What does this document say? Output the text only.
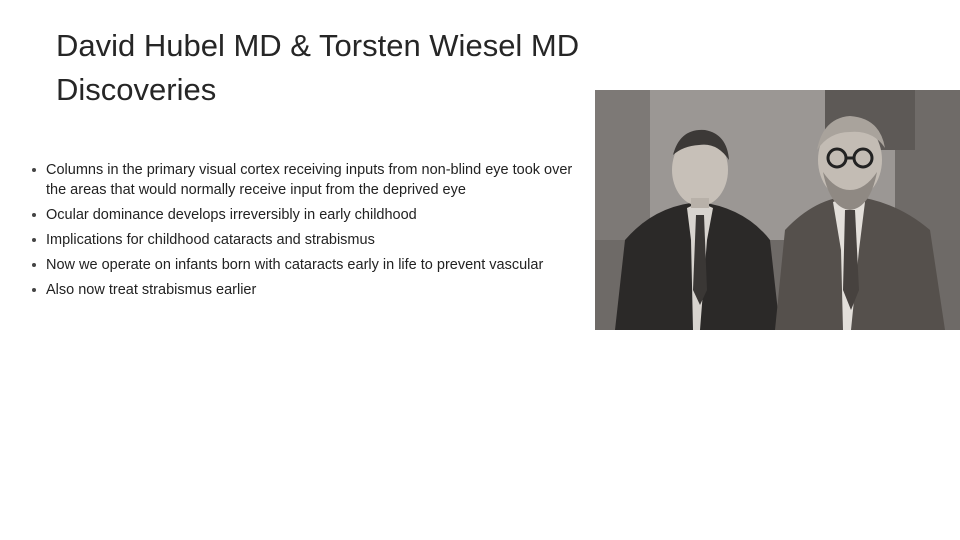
David Hubel MD & Torsten Wiesel MD
Discoveries
Columns in the primary visual cortex receiving inputs from non-blind eye took over the areas that would normally receive input from the deprived eye
Ocular dominance develops irreversibly in early childhood
Implications for childhood cataracts and strabismus
Now we operate on infants born with cataracts early in life to prevent vascular
Also now treat strabismus earlier
